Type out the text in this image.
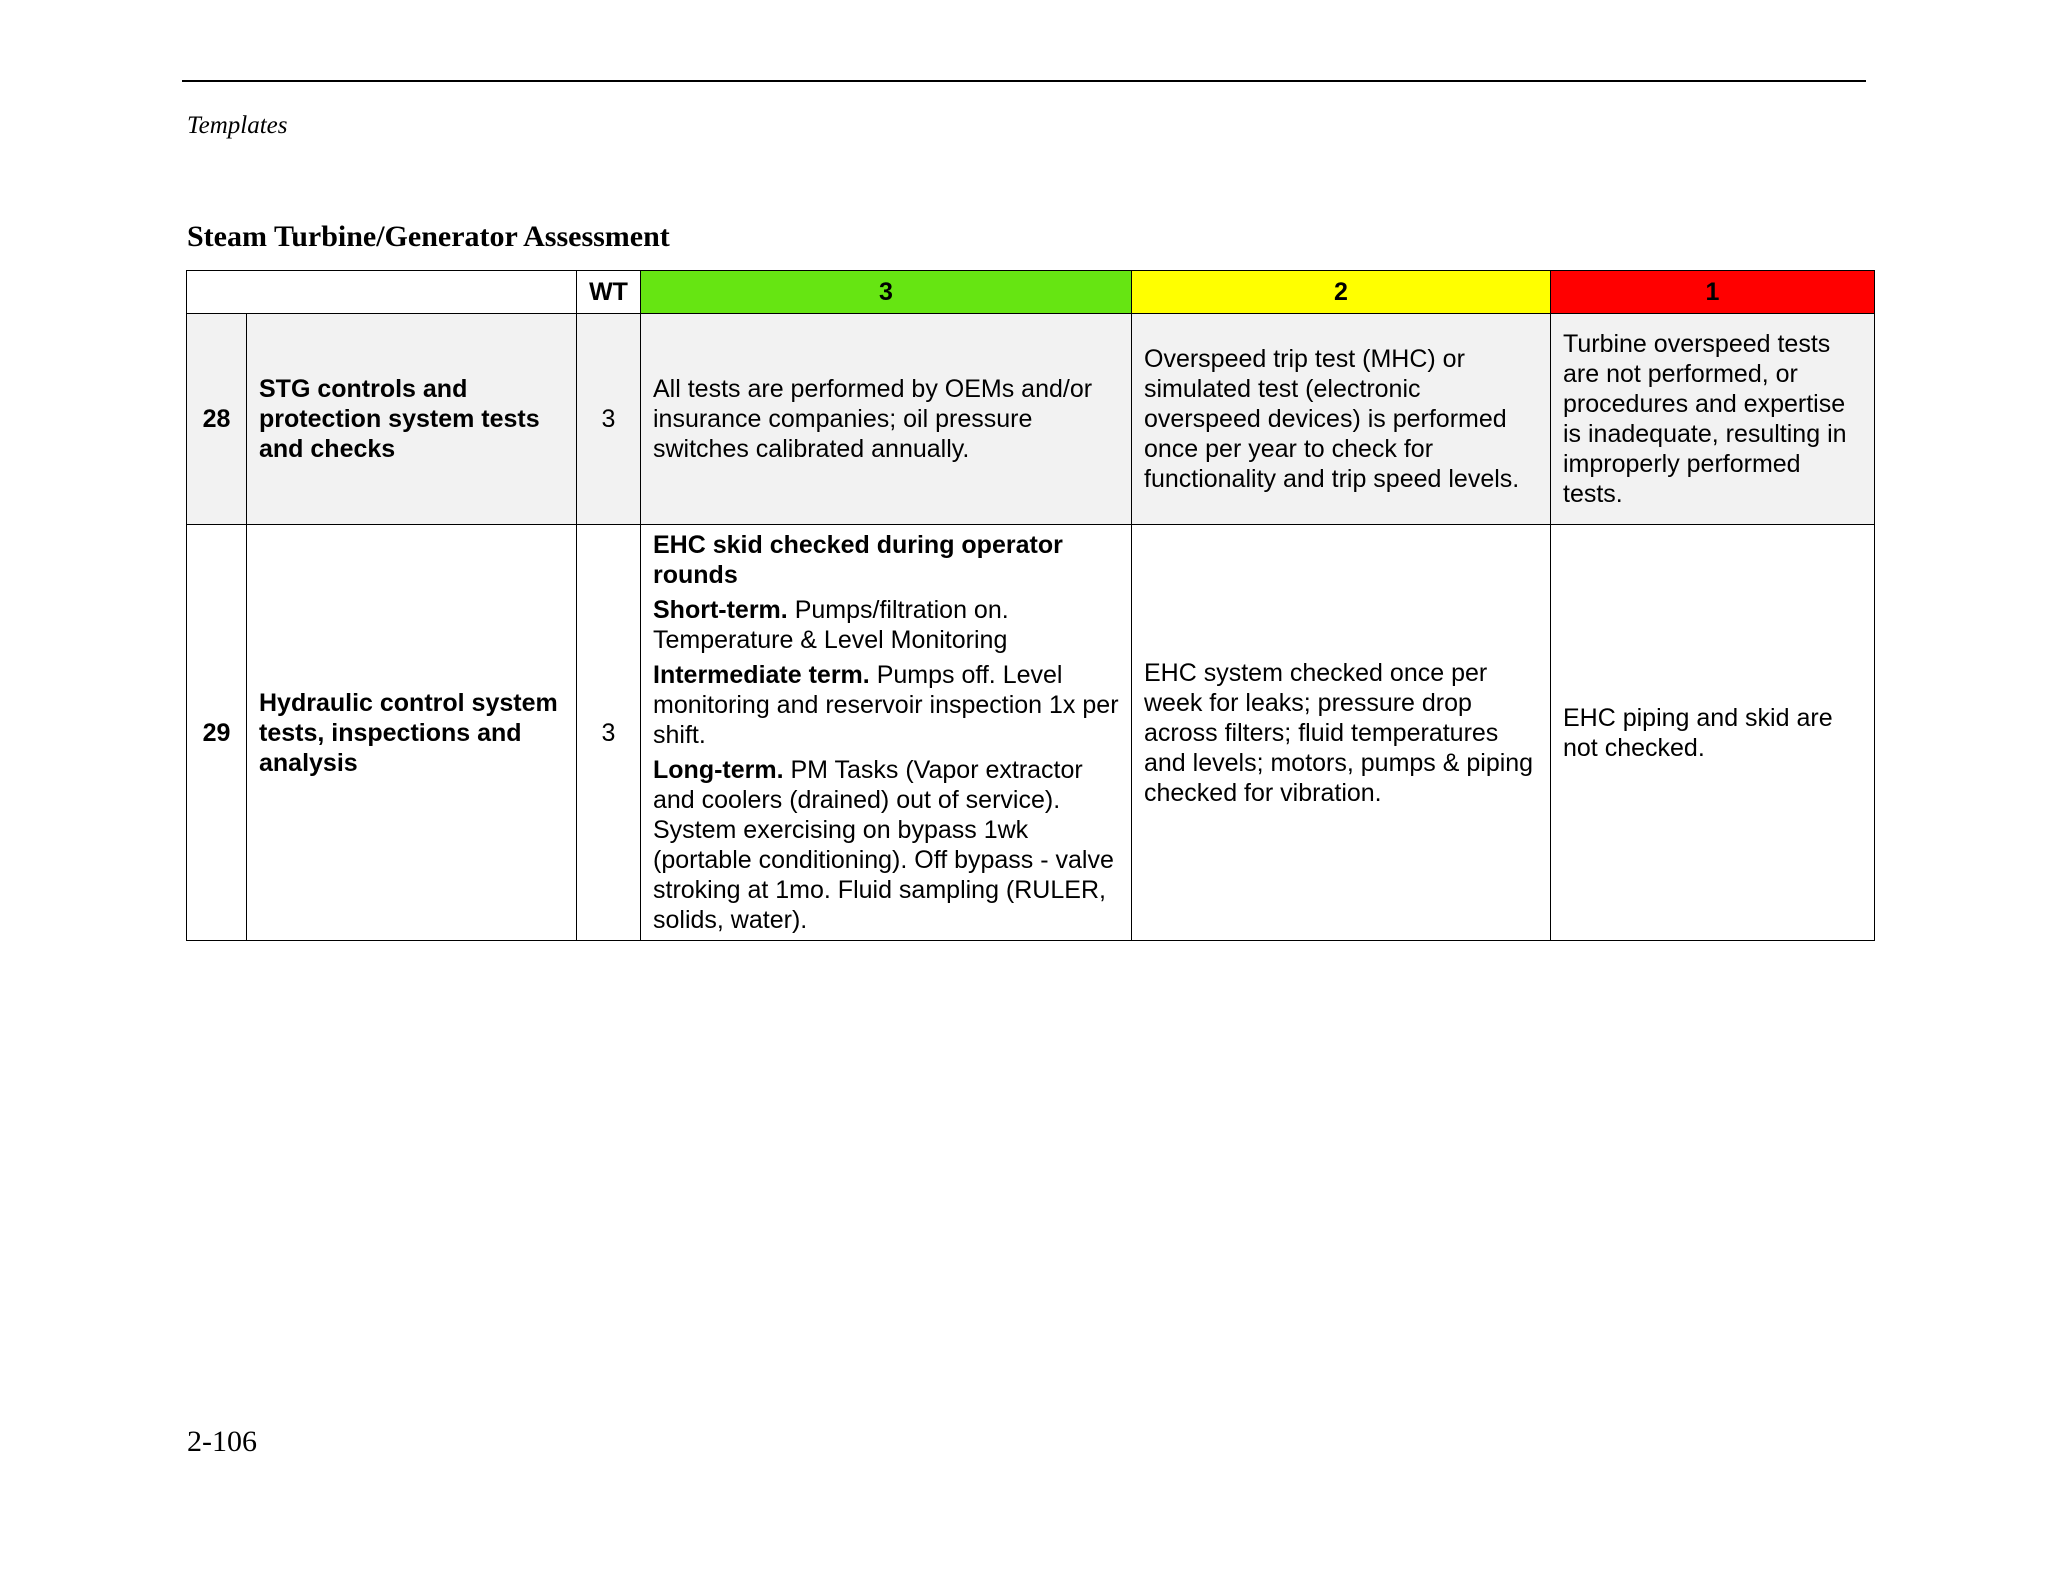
Templates
Steam Turbine/Generator Assessment
		WT	3	2	1
28	STG controls and protection system tests and checks	3	All tests are performed by OEMs and/or insurance companies; oil pressure switches calibrated annually.	Overspeed trip test (MHC) or simulated test (electronic overspeed devices) is performed once per year to check for functionality and trip speed levels.	Turbine overspeed tests are not performed, or procedures and expertise is inadequate, resulting in improperly performed tests.
29	Hydraulic control system tests, inspections and analysis	3	EHC skid checked during operator rounds

Short-term. Pumps/filtration on. Temperature & Level Monitoring

Intermediate term. Pumps off. Level monitoring and reservoir inspection 1x per shift.

Long-term. PM Tasks (Vapor extractor and coolers (drained) out of service). System exercising on bypass 1wk (portable conditioning). Off bypass - valve stroking at 1mo. Fluid sampling (RULER, solids, water).	EHC system checked once per week for leaks; pressure drop across filters; fluid temperatures and levels; motors, pumps & piping checked for vibration.	EHC piping and skid are not checked.
2-106
